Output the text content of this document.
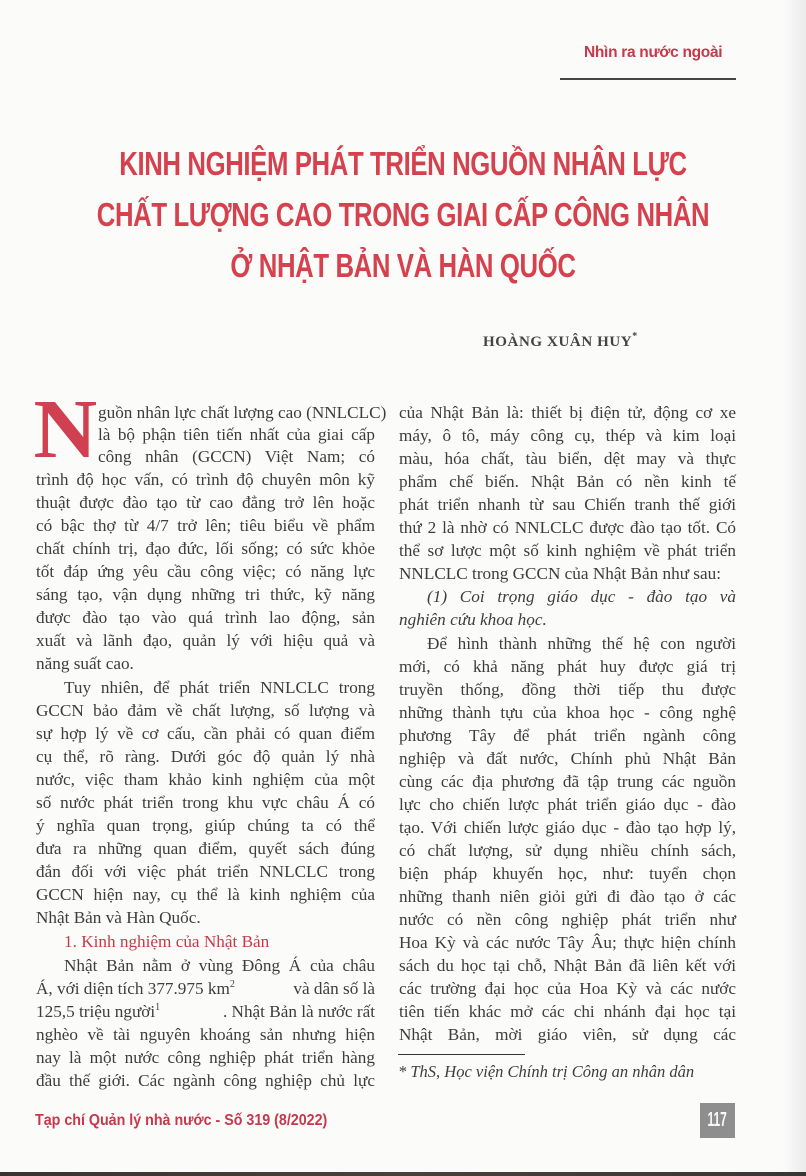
Nhìn ra nước ngoài
KINH NGHIỆM PHÁT TRIỂN NGUỒN NHÂN LỰC
CHẤT LƯỢNG CAO TRONG GIAI CẤP CÔNG NHÂN
Ở NHẬT BẢN VÀ HÀN QUỐC
HOÀNG XUÂN HUY*
N guồn nhân lực chất lượng cao (NNLCLC)
là bộ phận tiên tiến nhất của giai cấp
công nhân (GCCN) Việt Nam; có
trình độ học vấn, có trình độ chuyên môn kỹ
thuật được đào tạo từ cao đẳng trở lên hoặc
có bậc thợ từ 4/7 trở lên; tiêu biểu về phẩm
chất chính trị, đạo đức, lối sống; có sức khỏe
tốt đáp ứng yêu cầu công việc; có năng lực
sáng tạo, vận dụng những tri thức, kỹ năng
được đào tạo vào quá trình lao động, sản
xuất và lãnh đạo, quản lý với hiệu quả và
năng suất cao.
Tuy nhiên, để phát triển NNLCLC trong
GCCN bảo đảm về chất lượng, số lượng và
sự hợp lý về cơ cấu, cần phải có quan điểm
cụ thể, rõ ràng. Dưới góc độ quản lý nhà
nước, việc tham khảo kinh nghiệm của một
số nước phát triển trong khu vực châu Á có
ý nghĩa quan trọng, giúp chúng ta có thể
đưa ra những quan điểm, quyết sách đúng
đắn đối với việc phát triển NNLCLC trong
GCCN hiện nay, cụ thể là kinh nghiệm của
Nhật Bản và Hàn Quốc.
1. Kinh nghiệm của Nhật Bản
Nhật Bản nằm ở vùng Đông Á của châu
Á, với diện tích 377.975 $km^2$	và dân số là
125,5 triệu người$^1$	. Nhật Bản là nước rất
nghèo về tài nguyên khoáng sản nhưng hiện
nay là một nước công nghiệp phát triển hàng
đầu thế giới. Các ngành công nghiệp chủ lực
của Nhật Bản là: thiết bị điện tử, động cơ xe
máy, ô tô, máy công cụ, thép và kim loại
màu, hóa chất, tàu biển, dệt may và thực
phẩm chế biến. Nhật Bản có nền kinh tế
phát triển nhanh từ sau Chiến tranh thế giới
thứ 2 là nhờ có NNLCLC được đào tạo tốt. Có
thể sơ lược một số kinh nghiệm về phát triển
NNLCLC trong GCCN của Nhật Bản như sau:
(1) Coi trọng giáo dục - đào tạo và
nghiên cứu khoa học.
Để hình thành những thế hệ con người
mới, có khả năng phát huy được giá trị
truyền thống, đồng thời tiếp thu được
những thành tựu của khoa học - công nghệ
phương Tây để phát triển ngành công
nghiệp và đất nước, Chính phủ Nhật Bản
cùng các địa phương đã tập trung các nguồn
lực cho chiến lược phát triển giáo dục - đào
tạo. Với chiến lược giáo dục - đào tạo hợp lý,
có chất lượng, sử dụng nhiều chính sách,
biện pháp khuyến học, như: tuyển chọn
những thanh niên giỏi gửi đi đào tạo ở các
nước có nền công nghiệp phát triển như
Hoa Kỳ và các nước Tây Âu; thực hiện chính
sách du học tại chỗ, Nhật Bản đã liên kết với
các trường đại học của Hoa Kỳ và các nước
tiên tiến khác mở các chi nhánh đại học tại
Nhật Bản, mời giáo viên, sử dụng các
* ThS, Học viện Chính trị Công an nhân dân
Tạp chí Quản lý nhà nước - Số 319 (8/2022)	117
